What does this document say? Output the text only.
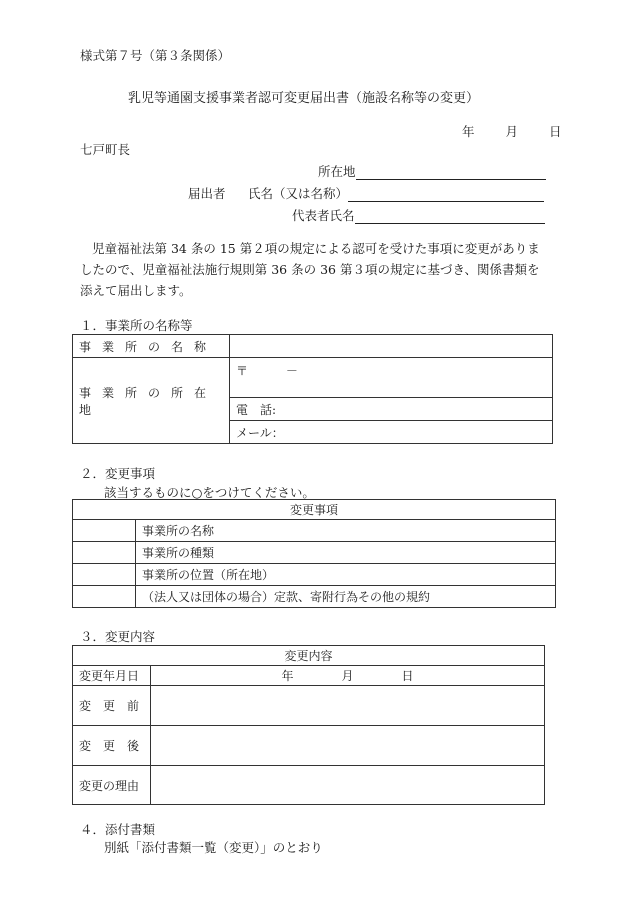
様式第７号（第３条関係）
乳児等通園支援事業者認可変更届出書（施設名称等の変更）
年　　月　　日
七戸町長
所在地
届出者 氏名（又は名称）
代表者氏名
児童福祉法第 34 条の 15 第２項の規定による認可を受けた事項に変更がありましたので、児童福祉法施行規則第 36 条の 36 第３項の規定に基づき、関係書類を添えて届出します。
１．事業所の名称等
事業所の名称	
事業所の所在地	〒 －
	電　話:
	メール：
２．変更事項
該当するものに○をつけてください。
変更事項	
	事業所の名称
	事業所の種類
	事業所の位置（所在地）
	（法人又は団体の場合）定款、寄附行為その他の規約
３．変更内容
変更内容	
変更年月日	年　　　　月　　　　日
変　更　前	
変　更　後	
変更の理由	
４．添付書類
別紙「添付書類一覧（変更）」のとおり
